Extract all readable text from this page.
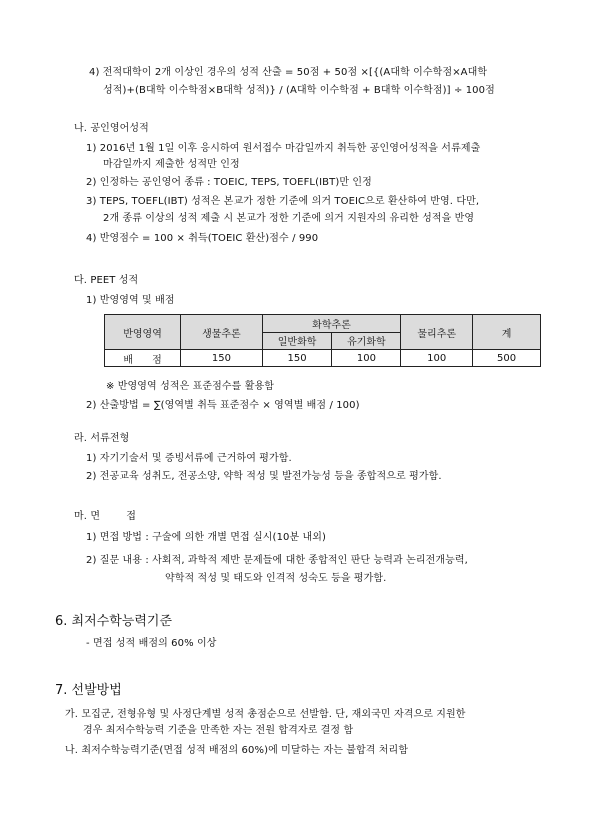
4) 전적대학이 2개 이상인 경우의 성적 산출 = 50점 + 50점 ×[{(A대학 이수학점×A대학
성적)+(B대학 이수학점×B대학 성적)} / (A대학 이수학점 + B대학 이수학점)] ÷ 100점
나. 공인영어성적
1) 2016년 1월 1일 이후 응시하여 원서접수 마감일까지 취득한 공인영어성적을 서류제출
마감일까지 제출한 성적만 인정
2) 인정하는 공인영어 종류 : TOEIC, TEPS, TOEFL(IBT)만 인정
3) TEPS, TOEFL(IBT) 성적은 본교가 정한 기준에 의거 TOEIC으로 환산하여 반영. 다만,
2개 종류 이상의 성적 제출 시 본교가 정한 기준에 의거 지원자의 유리한 성적을 반영
4) 반영점수 = 100 × 취득(TOEIC 환산)점수 / 990
다. PEET 성적
1) 반영영역 및 배점
반영영역	생물추론	화학추론		물리추론	계
		일반화학	유기화학		
배      점	150	150	100	100	500
※ 반영영역 성적은 표준점수를 활용함
2) 산출방법 = ∑(영역별 취득 표준점수 × 영역별 배점 / 100)
라. 서류전형
1) 자기기술서 및 증빙서류에 근거하여 평가함.
2) 전공교육 성취도, 전공소양, 약학 적성 및 발전가능성 등을 종합적으로 평가함.
마. 면        접
1) 면접 방법 : 구술에 의한 개별 면접 실시(10분 내외)
2) 질문 내용 : 사회적, 과학적 제반 문제들에 대한 종합적인 판단 능력과 논리전개능력,
약학적 적성 및 태도와 인격적 성숙도 등을 평가함.
6. 최저수학능력기준
- 면접 성적 배점의 60% 이상
7. 선발방법
가. 모집군, 전형유형 및 사정단계별 성적 총점순으로 선발함. 단, 재외국민 자격으로 지원한
경우 최저수학능력 기준을 만족한 자는 전원 합격자로 결정 함
나. 최저수학능력기준(면접 성적 배점의 60%)에 미달하는 자는 불합격 처리함
